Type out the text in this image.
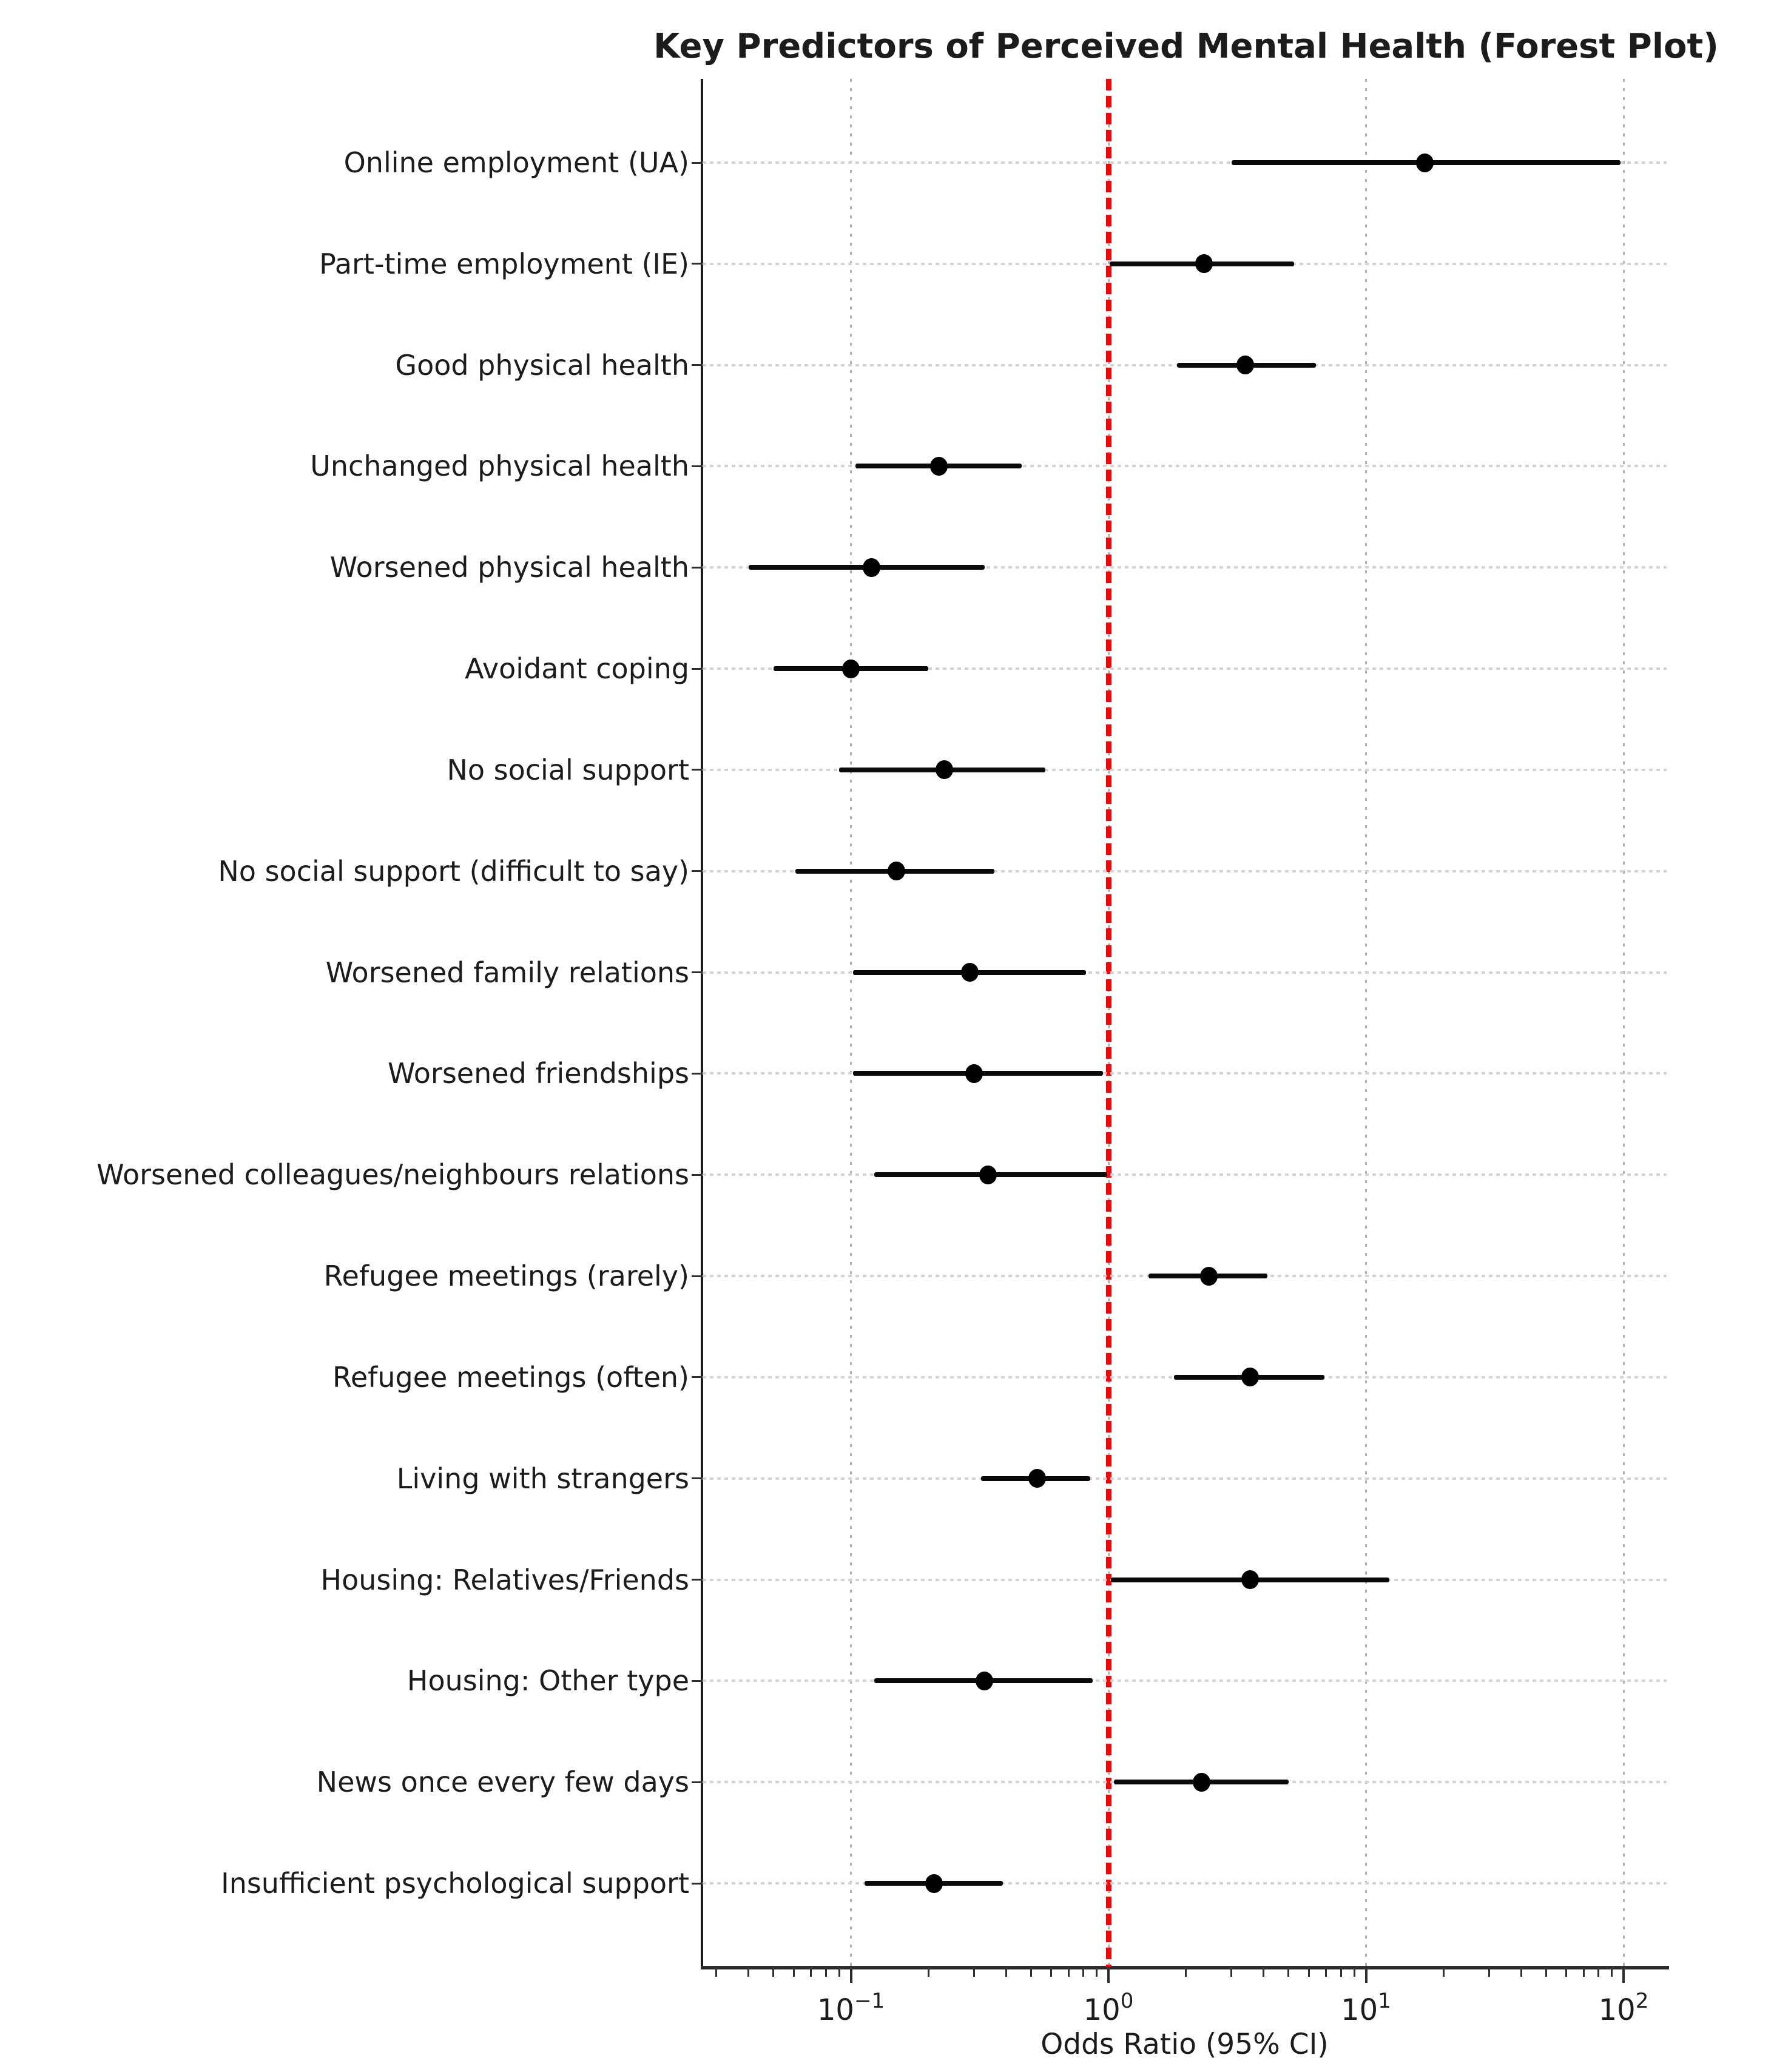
Key Predictors of Perceived Mental Health (Forest Plot)
Online employment (UA)
Part-time employment (IE)
Good physical health
Unchanged physical health
Worsened physical health
Avoidant coping
No social support
No social support (difficult to say)
Worsened family relations
Worsened friendships
Worsened colleagues/neighbours relations
Refugee meetings (rarely)
Refugee meetings (often)
Living with strangers
Housing: Relatives/Friends
Housing: Other type
News once every few days
Insufficient psychological support
$10^{-1}$	$10^0$	$10^1$	$10^2$
Odds Ratio (95% CI)
